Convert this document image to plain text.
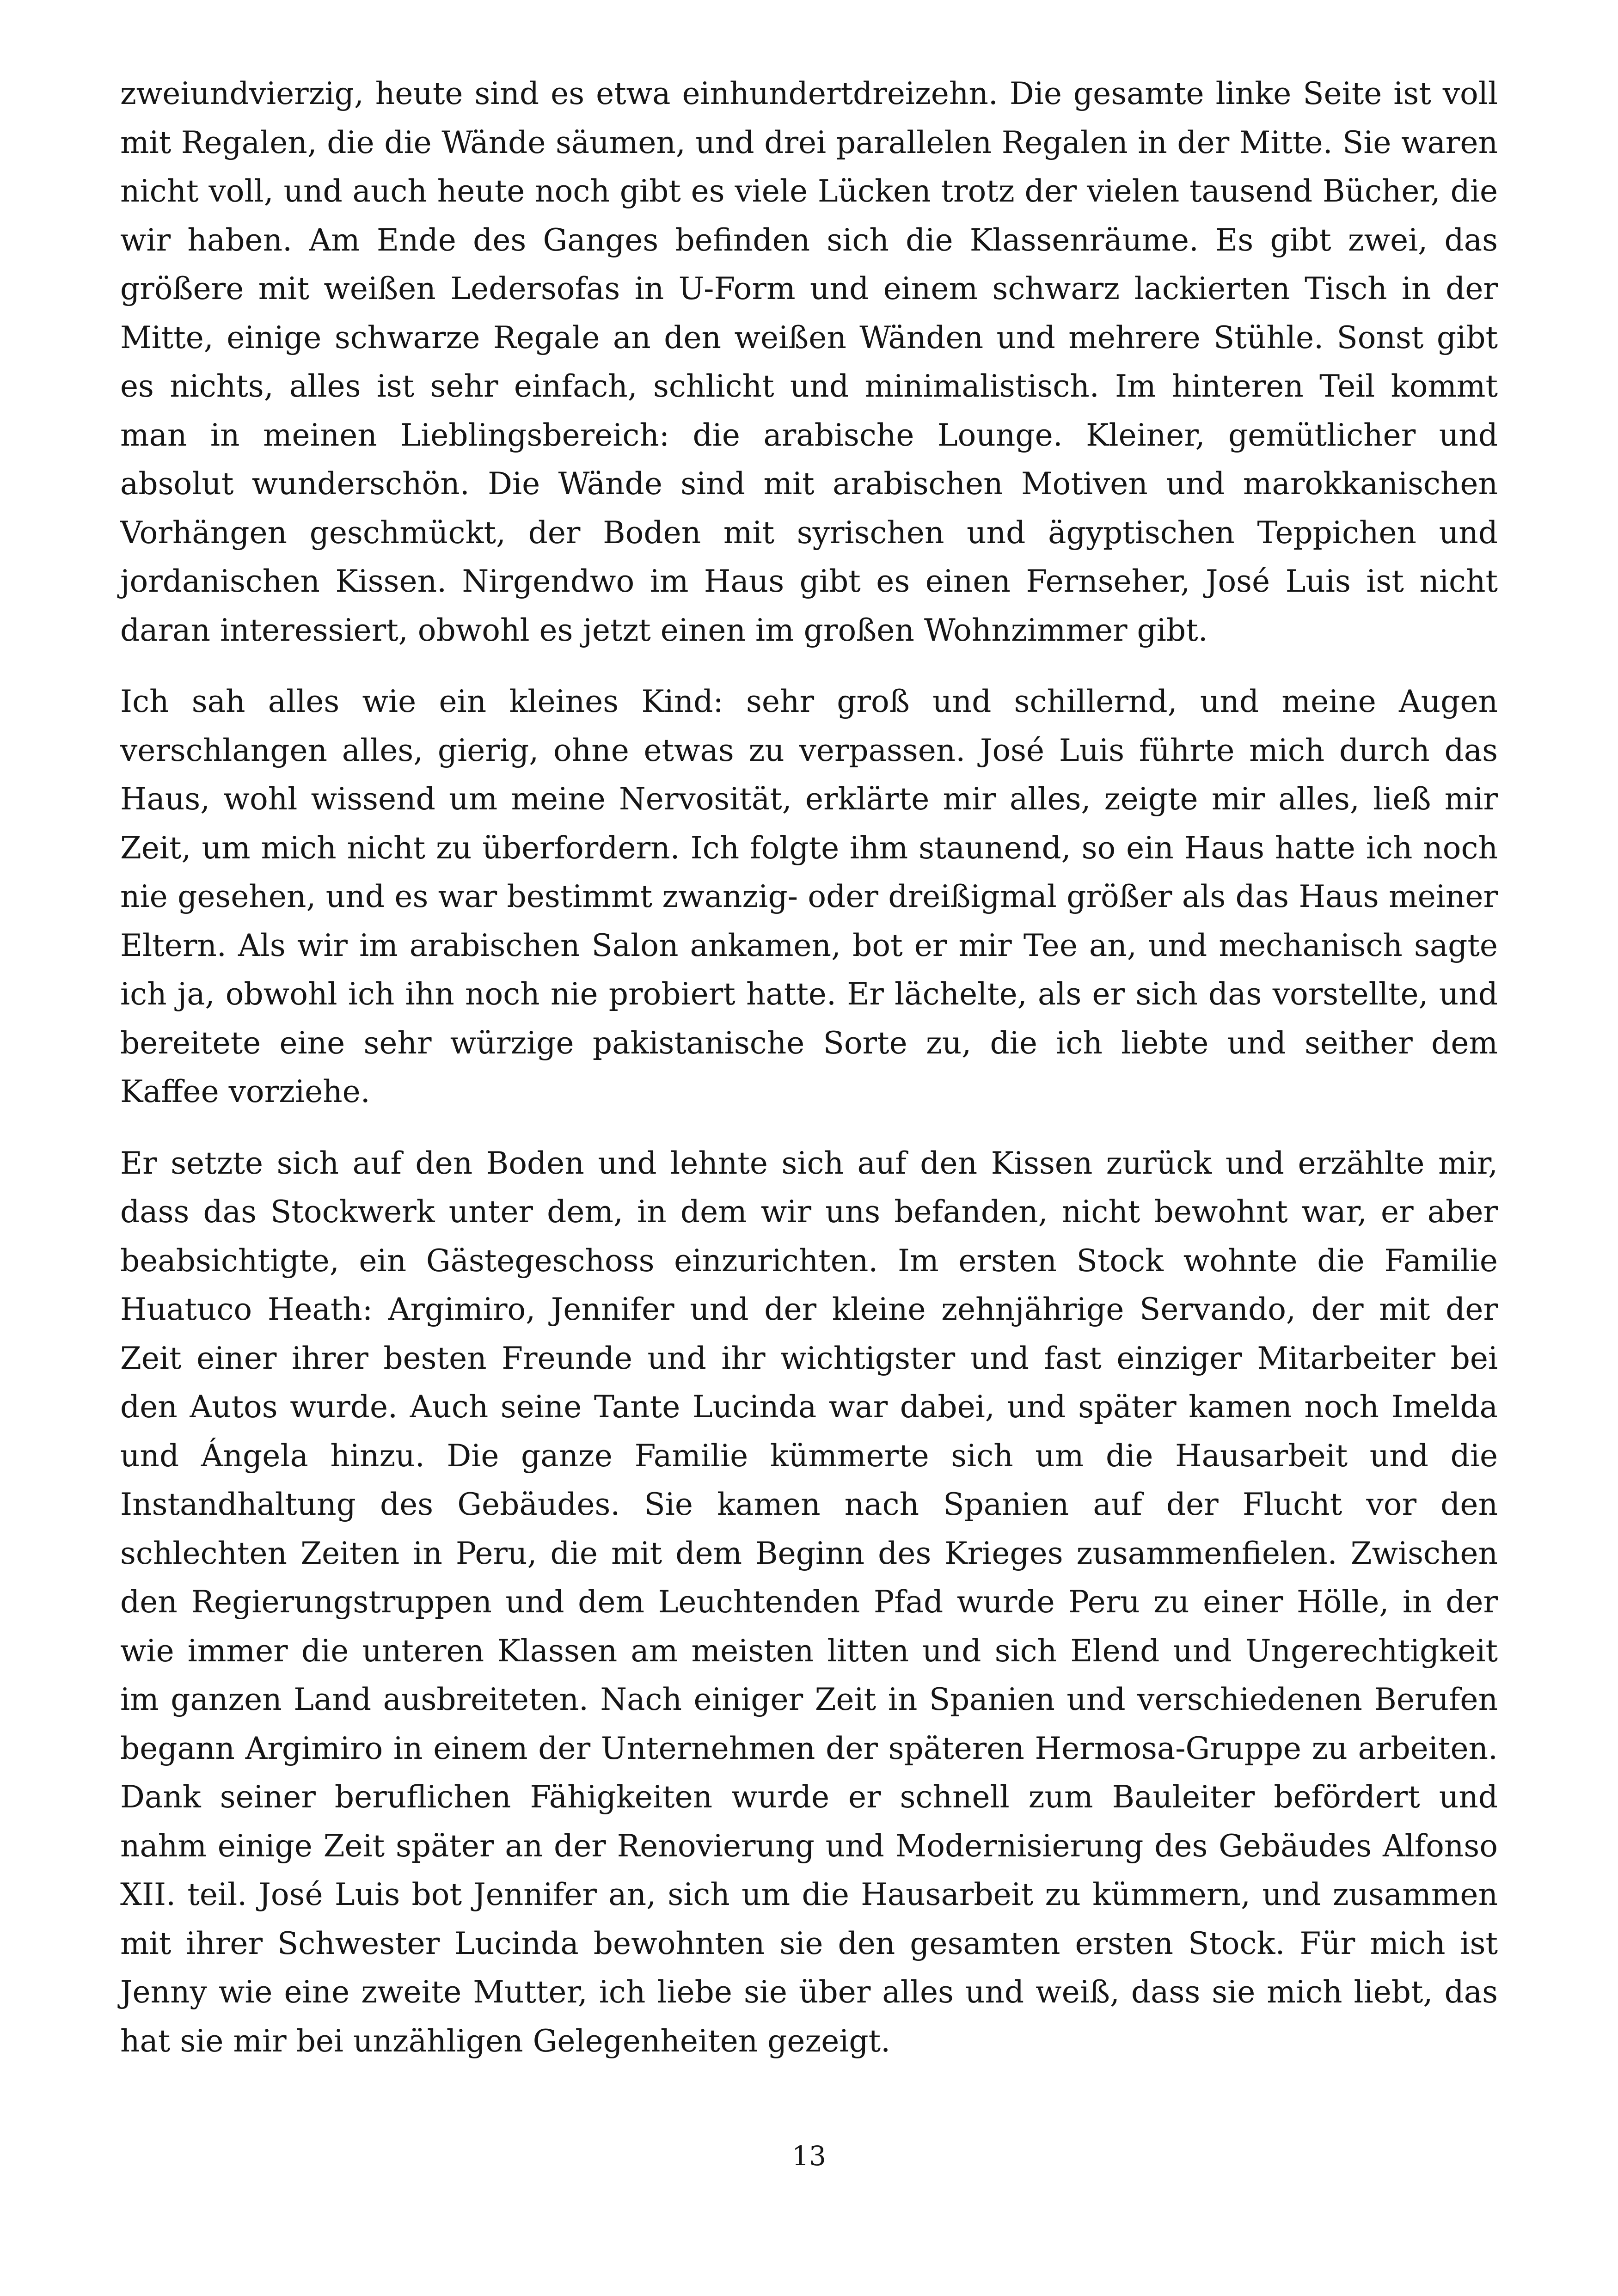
zweiundvierzig, heute sind es etwa einhundertdreizehn. Die gesamte linke Seite ist voll mit Regalen, die die Wände säumen, und drei parallelen Regalen in der Mitte. Sie waren nicht voll, und auch heute noch gibt es viele Lücken trotz der vielen tausend Bücher, die wir haben. Am Ende des Ganges befinden sich die Klassenräume. Es gibt zwei, das größere mit weißen Ledersofas in U-Form und einem schwarz lackierten Tisch in der Mitte, einige schwarze Regale an den weißen Wänden und mehrere Stühle. Sonst gibt es nichts, alles ist sehr einfach, schlicht und minimalistisch. Im hinteren Teil kommt man in meinen Lieblingsbereich: die arabische Lounge. Kleiner, gemütlicher und absolut wunderschön. Die Wände sind mit arabischen Motiven und marokkanischen Vorhängen geschmückt, der Boden mit syrischen und ägyptischen Teppichen und jordanischen Kissen. Nirgendwo im Haus gibt es einen Fernseher, José Luis ist nicht daran interessiert, obwohl es jetzt einen im großen Wohnzimmer gibt.

Ich sah alles wie ein kleines Kind: sehr groß und schillernd, und meine Augen verschlangen alles, gierig, ohne etwas zu verpassen. José Luis führte mich durch das Haus, wohl wissend um meine Nervosität, erklärte mir alles, zeigte mir alles, ließ mir Zeit, um mich nicht zu überfordern. Ich folgte ihm staunend, so ein Haus hatte ich noch nie gesehen, und es war bestimmt zwanzig- oder dreißigmal größer als das Haus meiner Eltern. Als wir im arabischen Salon ankamen, bot er mir Tee an, und mechanisch sagte ich ja, obwohl ich ihn noch nie probiert hatte. Er lächelte, als er sich das vorstellte, und bereitete eine sehr würzige pakistanische Sorte zu, die ich liebte und seither dem Kaffee vorziehe.

Er setzte sich auf den Boden und lehnte sich auf den Kissen zurück und erzählte mir, dass das Stockwerk unter dem, in dem wir uns befanden, nicht bewohnt war, er aber beabsichtigte, ein Gästegeschoss einzurichten. Im ersten Stock wohnte die Familie Huatuco Heath: Argimiro, Jennifer und der kleine zehnjährige Servando, der mit der Zeit einer ihrer besten Freunde und ihr wichtigster und fast einziger Mitarbeiter bei den Autos wurde. Auch seine Tante Lucinda war dabei, und später kamen noch Imelda und Ángela hinzu. Die ganze Familie kümmerte sich um die Hausarbeit und die Instandhaltung des Gebäudes. Sie kamen nach Spanien auf der Flucht vor den schlechten Zeiten in Peru, die mit dem Beginn des Krieges zusammenfielen. Zwischen den Regierungstruppen und dem Leuchtenden Pfad wurde Peru zu einer Hölle, in der wie immer die unteren Klassen am meisten litten und sich Elend und Ungerechtigkeit im ganzen Land ausbreiteten. Nach einiger Zeit in Spanien und verschiedenen Berufen begann Argimiro in einem der Unternehmen der späteren Hermosa-Gruppe zu arbeiten. Dank seiner beruflichen Fähigkeiten wurde er schnell zum Bauleiter befördert und nahm einige Zeit später an der Renovierung und Modernisierung des Gebäudes Alfonso XII. teil. José Luis bot Jennifer an, sich um die Hausarbeit zu kümmern, und zusammen mit ihrer Schwester Lucinda bewohnten sie den gesamten ersten Stock. Für mich ist Jenny wie eine zweite Mutter, ich liebe sie über alles und weiß, dass sie mich liebt, das hat sie mir bei unzähligen Gelegenheiten gezeigt.

13
